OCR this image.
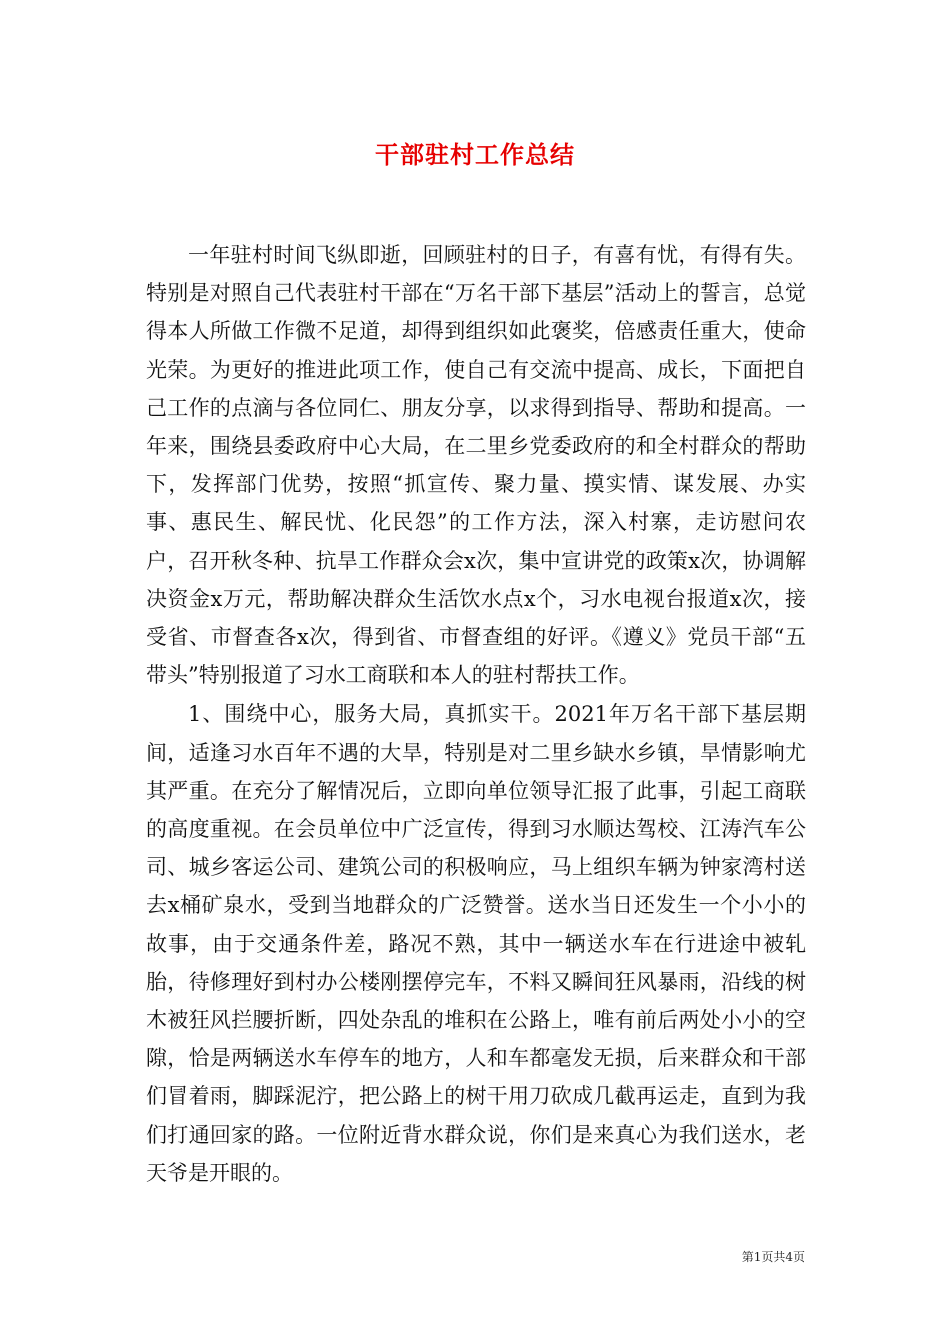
干部驻村工作总结

一年驻村时间飞纵即逝，回顾驻村的日子，有喜有忧，有得有失。特别是对照自己代表驻村干部在“万名干部下基层”活动上的誓言，总觉得本人所做工作微不足道，却得到组织如此褒奖，倍感责任重大，使命光荣。为更好的推进此项工作，使自己有交流中提高、成长，下面把自己工作的点滴与各位同仁、朋友分享，以求得到指导、帮助和提高。一年来，围绕县委政府中心大局，在二里乡党委政府的和全村群众的帮助下，发挥部门优势，按照“抓宣传、聚力量、摸实情、谋发展、办实事、惠民生、解民忧、化民怨”的工作方法，深入村寨，走访慰问农户，召开秋冬种、抗旱工作群众会x次，集中宣讲党的政策x次，协调解决资金x万元，帮助解决群众生活饮水点x个，习水电视台报道x次，接受省、市督查各x次，得到省、市督查组的好评。《遵义》党员干部“五带头”特别报道了习水工商联和本人的驻村帮扶工作。

1、围绕中心，服务大局，真抓实干。2021年万名干部下基层期间，适逢习水百年不遇的大旱，特别是对二里乡缺水乡镇，旱情影响尤其严重。在充分了解情况后，立即向单位领导汇报了此事，引起工商联的高度重视。在会员单位中广泛宣传，得到习水顺达驾校、江涛汽车公司、城乡客运公司、建筑公司的积极响应，马上组织车辆为钟家湾村送去x桶矿泉水，受到当地群众的广泛赞誉。送水当日还发生一个小小的故事，由于交通条件差，路况不熟，其中一辆送水车在行进途中被轧胎，待修理好到村办公楼刚摆停完车，不料又瞬间狂风暴雨，沿线的树木被狂风拦腰折断，四处杂乱的堆积在公路上，唯有前后两处小小的空隙，恰是两辆送水车停车的地方，人和车都毫发无损，后来群众和干部们冒着雨，脚踩泥泞，把公路上的树干用刀砍成几截再运走，直到为我们打通回家的路。一位附近背水群众说，你们是来真心为我们送水，老天爷是开眼的。

第1页共4页
